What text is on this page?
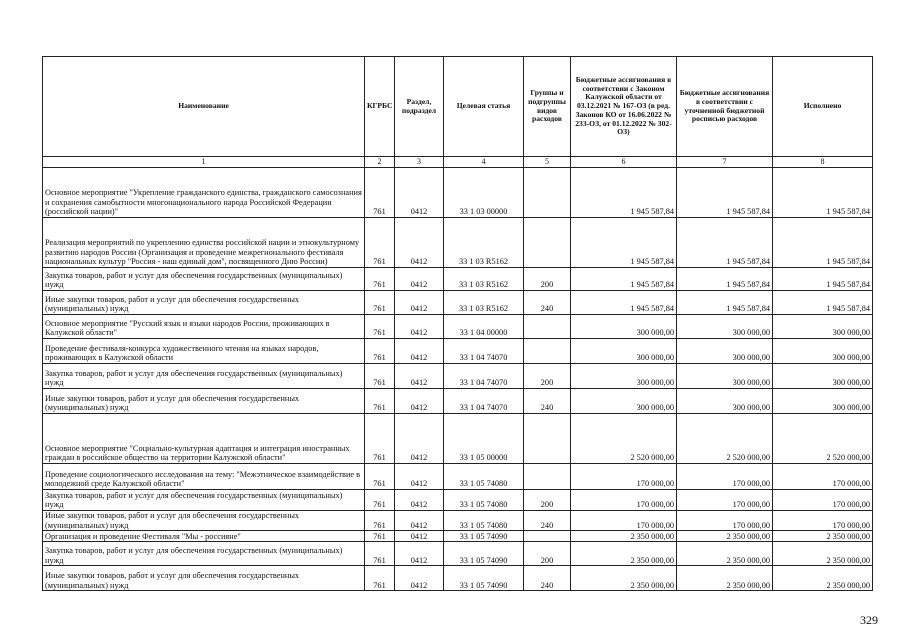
Наименование	КГРБС	Раздел, подраздел	Целевая статья	Группы и подгруппы видов расходов	Бюджетные ассигнования в соответствии с Законом Калужской области от 03.12.2021 № 167-ОЗ (в ред. Законов КО от 16.06.2022 № 233-ОЗ, от 01.12.2022 № 302-ОЗ)	Бюджетные ассигнования в соответствии с уточненной бюджетной росписью расходов	Исполнено
1	2	3	4	5	6	7	8
Основное мероприятие "Укрепление гражданского единства, гражданского самосознания и сохранения самобытности многонационального народа Российской Федерации (российской нации)"	761	0412	33 1 03 00000		1 945 587,84	1 945 587,84	1 945 587,84
Реализация мероприятий по укреплению единства российской нации и этнокультурному развитию народов России (Организация и проведение межрегионального фестиваля национальных культур "Россия - наш единый дом", посвященного Дню России)	761	0412	33 1 03 R5162		1 945 587,84	1 945 587,84	1 945 587,84
Закупка товаров, работ и услуг для обеспечения государственных (муниципальных) нужд	761	0412	33 1 03 R5162	200	1 945 587,84	1 945 587,84	1 945 587,84
Иные закупки товаров, работ и услуг для обеспечения государственных (муниципальных) нужд	761	0412	33 1 03 R5162	240	1 945 587,84	1 945 587,84	1 945 587,84
Основное мероприятие "Русский язык и языки народов России, проживающих в Калужской области"	761	0412	33 1 04 00000		300 000,00	300 000,00	300 000,00
Проведение фестиваля-конкурса художественного чтения на языках народов, проживающих в Калужской области	761	0412	33 1 04 74070		300 000,00	300 000,00	300 000,00
Закупка товаров, работ и услуг для обеспечения государственных (муниципальных) нужд	761	0412	33 1 04 74070	200	300 000,00	300 000,00	300 000,00
Иные закупки товаров, работ и услуг для обеспечения государственных (муниципальных) нужд	761	0412	33 1 04 74070	240	300 000,00	300 000,00	300 000,00
Основное мероприятие "Социально-культурная адаптация и интеграция иностранных граждан в российское общество на территории Калужской области"	761	0412	33 1 05 00000		2 520 000,00	2 520 000,00	2 520 000,00
Проведение социологического исследования на тему: "Межэтническое взаимодействие в молодежной среде Калужской области"	761	0412	33 1 05 74080		170 000,00	170 000,00	170 000,00
Закупка товаров, работ и услуг для обеспечения государственных (муниципальных) нужд	761	0412	33 1 05 74080	200	170 000,00	170 000,00	170 000,00
Иные закупки товаров, работ и услуг для обеспечения государственных (муниципальных) нужд	761	0412	33 1 05 74080	240	170 000,00	170 000,00	170 000,00
Организация и проведение Фестиваля "Мы - россияне"	761	0412	33 1 05 74090		2 350 000,00	2 350 000,00	2 350 000,00
Закупка товаров, работ и услуг для обеспечения государственных (муниципальных) нужд	761	0412	33 1 05 74090	200	2 350 000,00	2 350 000,00	2 350 000,00
Иные закупки товаров, работ и услуг для обеспечения государственных (муниципальных) нужд	761	0412	33 1 05 74090	240	2 350 000,00	2 350 000,00	2 350 000,00
329
